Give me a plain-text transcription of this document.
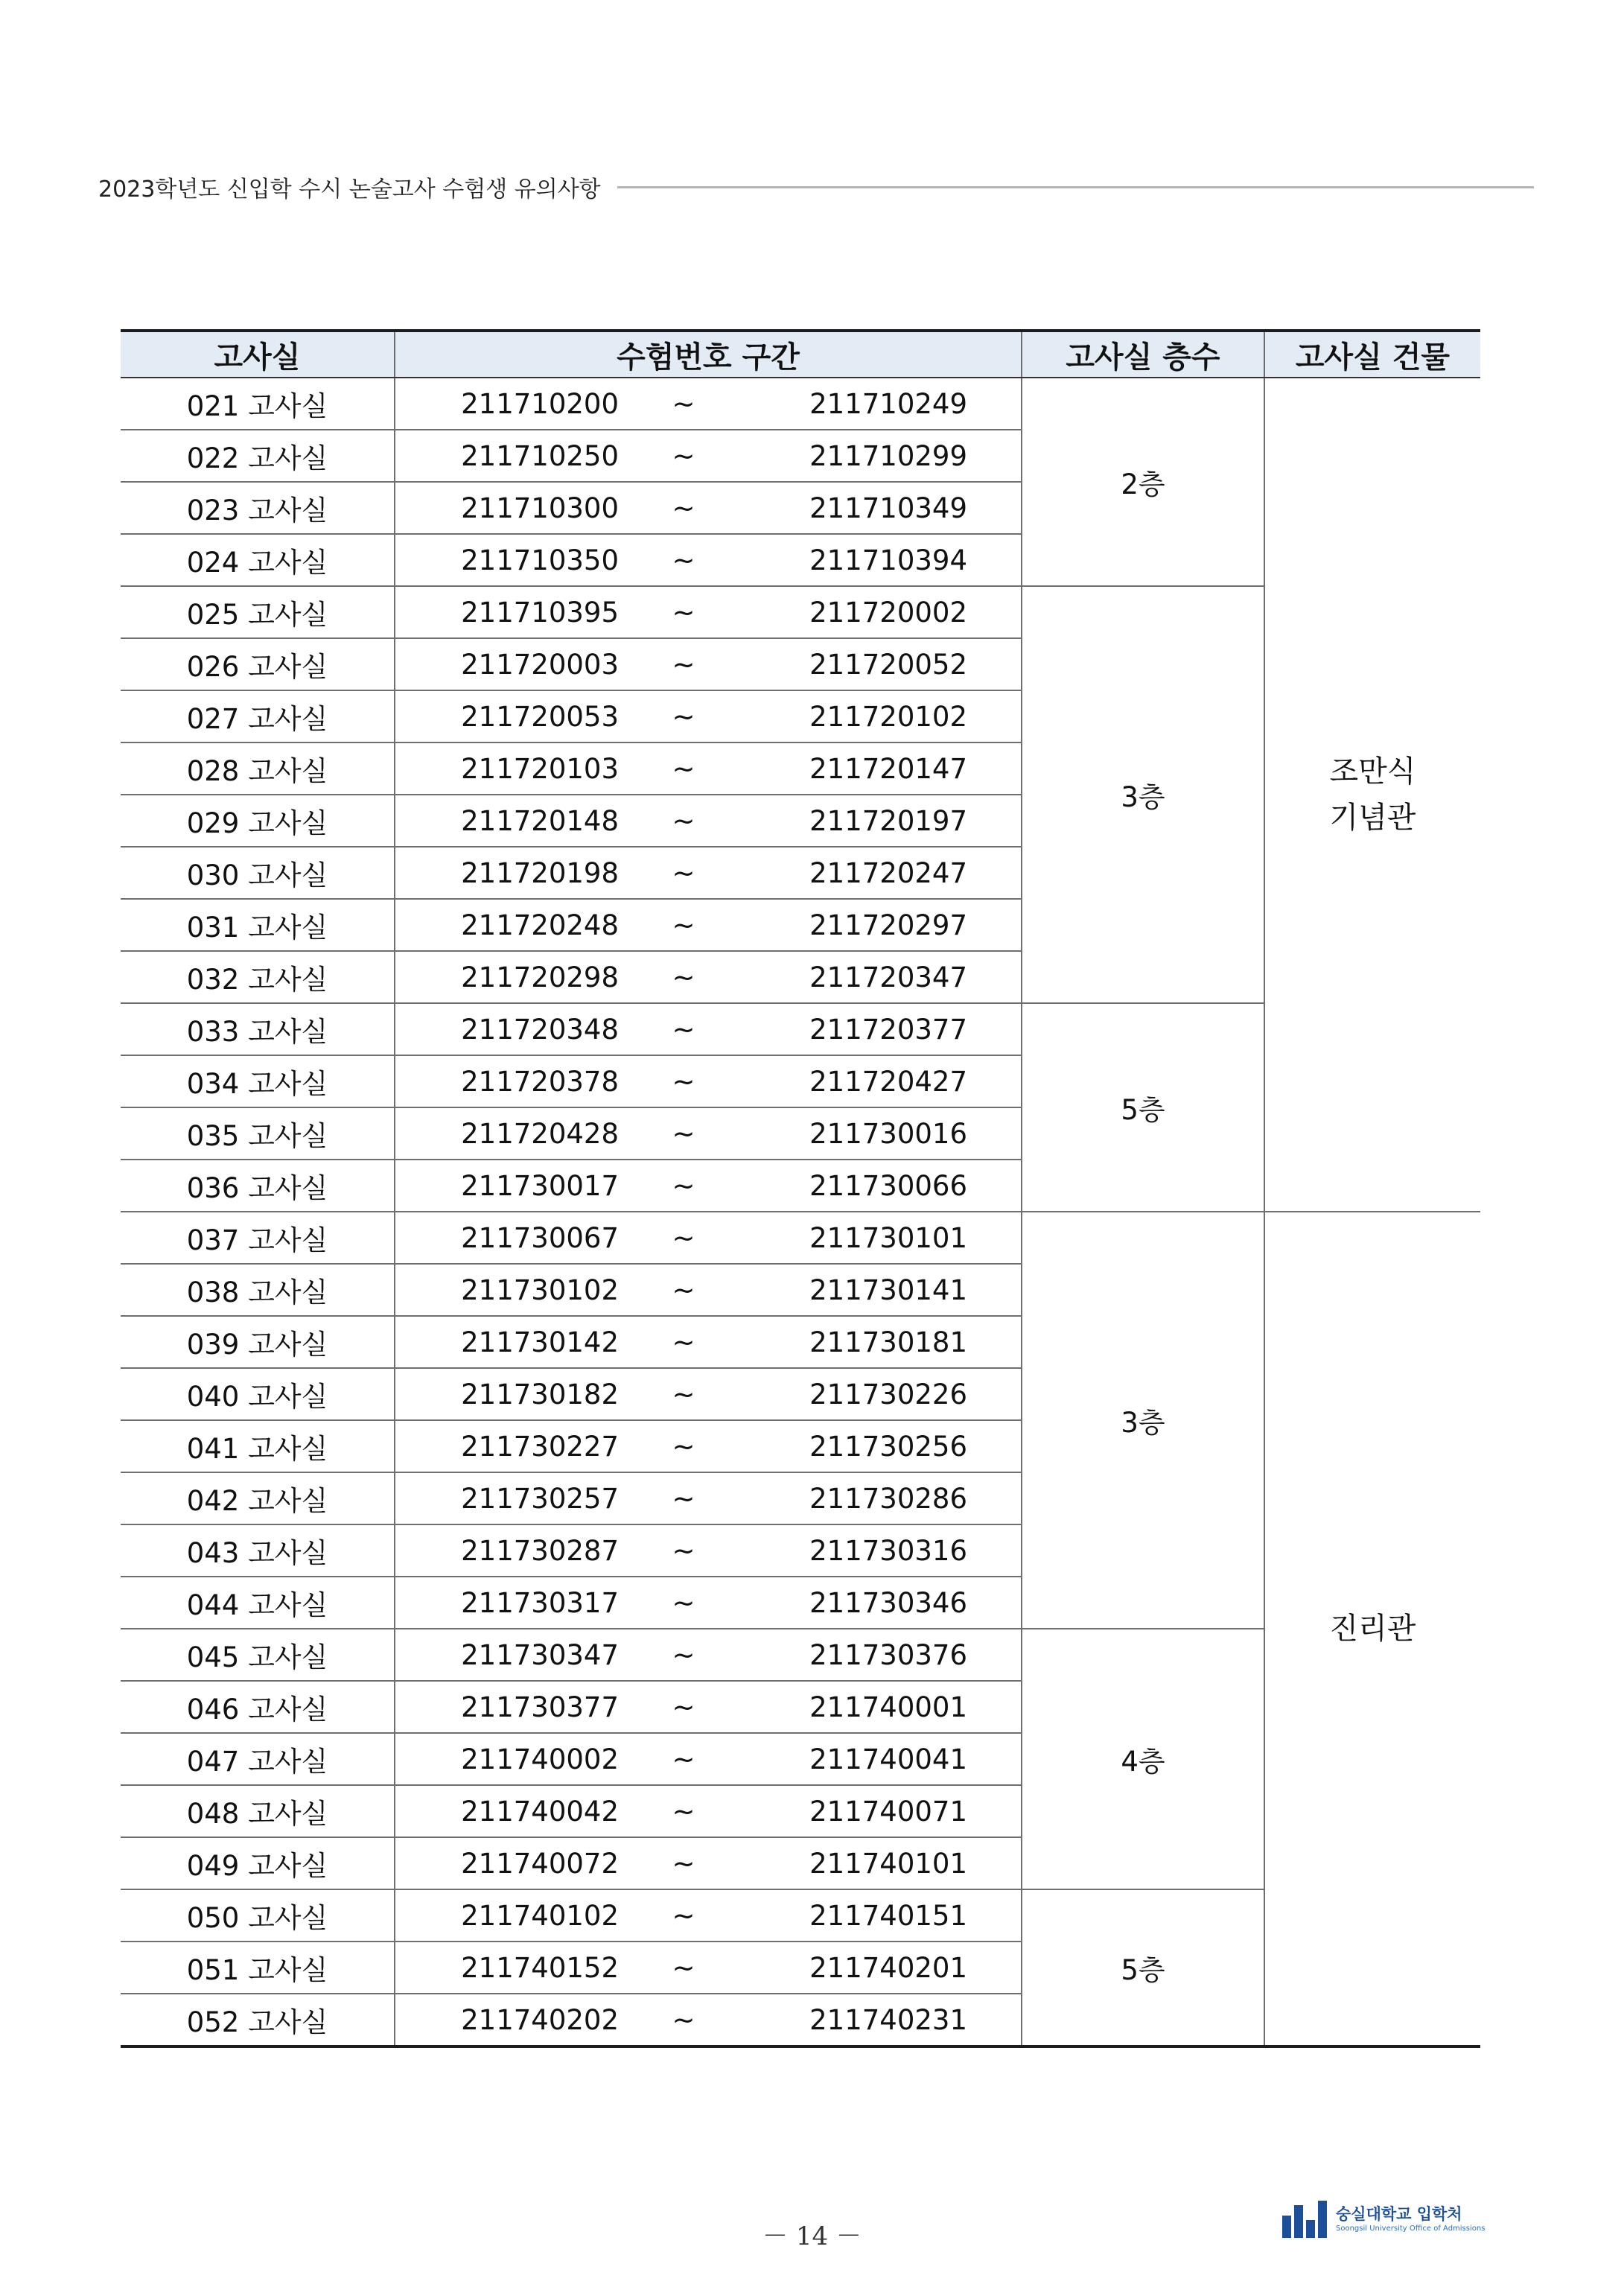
2023학년도 신입학 수시 논술고사 수험생 유의사항
고사실	수험번호 구간	고사실 층수	고사실 건물
021 고사실	211710200 ~ 211710249	2층	조만식
기념관

022 고사실	211710250 ~ 211710299		

023 고사실	211710300 ~ 211710349		

024 고사실	211710350 ~ 211710394		

025 고사실	211710395 ~ 211720002	3층	
026 고사실	211720003 ~ 211720052		

027 고사실	211720053 ~ 211720102		

028 고사실	211720103 ~ 211720147		

029 고사실	211720148 ~ 211720197		

030 고사실	211720198 ~ 211720247		

031 고사실	211720248 ~ 211720297		

032 고사실	211720298 ~ 211720347		

033 고사실	211720348 ~ 211720377	5층	
034 고사실	211720378 ~ 211720427		

035 고사실	211720428 ~ 211730016		

036 고사실	211730017 ~ 211730066		

037 고사실	211730067 ~ 211730101	3층	진리관

038 고사실	211730102 ~ 211730141		

039 고사실	211730142 ~ 211730181		

040 고사실	211730182 ~ 211730226		

041 고사실	211730227 ~ 211730256		

042 고사실	211730257 ~ 211730286		

043 고사실	211730287 ~ 211730316		

044 고사실	211730317 ~ 211730346		

045 고사실	211730347 ~ 211730376	4층	
046 고사실	211730377 ~ 211740001		

047 고사실	211740002 ~ 211740041		

048 고사실	211740042 ~ 211740071		

049 고사실	211740072 ~ 211740101		

050 고사실	211740102 ~ 211740151	5층	
051 고사실	211740152 ~ 211740201		

052 고사실	211740202 ~ 211740231		
－ 14 －
숭실대학교 입학처
Soongsil University Office of Admissions
